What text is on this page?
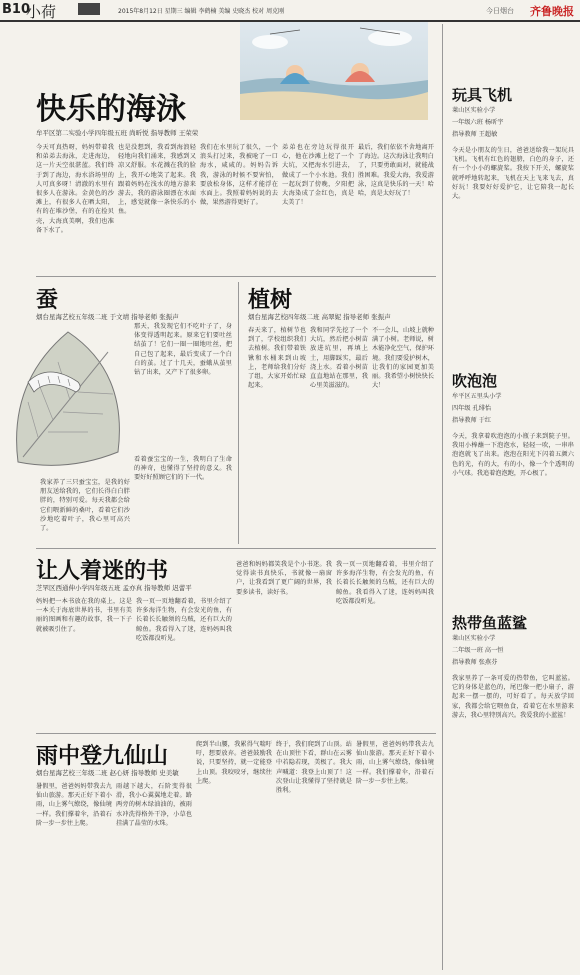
B10
小荷	2015年8月12日 星期三 编辑 李鹤楠 美编 史晓杰 校对 周克刚	今日烟台 齐鲁晚报
快乐的海泳
牟平区第二实验小学四年级五班 尚昕悦 指导教师 王荣荣
今天可真热呀，妈妈带着我和弟弟去海泳，走进海边，这一片天空很湛蓝。我们终于到了海边，海水浴场里的人可真多呀！清澈的水里有很多人在游泳。金黄色的沙滩上，有很多人在晒太阳，有的在堆沙堡，有的在捡贝壳，大海真美啊，我们也准备下水了。
也是没想到，我看到海浪轻轻地向我们涌来，我感到又凉又舒服。水花溅在我的脸上，我开心地笑了起来。我跟着妈妈在浅水的地方游来游去，我的游泳圈漂在水面上，感觉就像一条快乐的小鱼。
我们在水里玩了很久，一个浪头打过来，我被呛了一口海水，咸咸的。妈妈告诉我，游泳的时候不要害怕，要放松身体，这样才能浮在水面上。我照着妈妈说的去做，果然游得更好了。
弟弟也在旁边玩得很开心，他在沙滩上挖了一个大坑，又把海水引进去，做成了一个小水池。我们一起玩到了傍晚，夕阳把大海染成了金红色，真是太美了！
最后，我们依依不舍地离开了海边。这次海泳让我明白了，只要勇敢面对，就能战胜困难。我爱大海，我爱游泳，这真是快乐的一天！哈哈，真是太好玩了！
蚕
烟台星海艺校五年级二班 于文靖 指导老师 张振声
我家养了三只蚕宝宝，是我的好朋友送给我的，它们长得白白胖胖的，特别可爱。每天我都会给它们喂新鲜的桑叶，看着它们沙沙地吃着叶子，我心里可高兴了。
那天，我发现它们不吃叶子了，身体变得透明起来。原来它们要吐丝结茧了！它们一圈一圈地吐丝，把自己包了起来，最后变成了一个白白的茧。过了十几天，蚕蛾从茧里钻了出来，又产下了很多卵。
看着蚕宝宝的一生，我明白了生命的神奇，也懂得了坚持的意义。我要好好照顾它们的下一代。
植树
烟台星海艺校四年级二班 高翠妮 指导老师 张振声
春天来了，植树节也到了，学校组织我们去植树。我们带着铁锹和水桶来到山坡上，老师给我们分好了组，大家开始忙碌起来。
我和同学先挖了一个大坑，然后把小树苗放进坑里，再填上土，用脚踩实，最后浇上水。看着小树苗直直地站在那里，我心里美滋滋的。
不一会儿，山坡上就种满了小树。老师说，树木能净化空气，保护环境。我们要爱护树木，让我们的家园更加美丽。我希望小树快快长大！
让人着迷的书
芝罘区西通伸小学四年级五班 孟亦真 指导教师 迟蕾平
妈妈把一本书放在我的桌上，这是一本关于海底世界的书，书里有美丽的图画和有趣的故事，我一下子就被吸引住了。
我一页一页地翻看着，书里介绍了许多海洋生物，有会发光的鱼，有长着长长触须的乌贼，还有巨大的鲸鱼。我看得入了迷，连妈妈叫我吃饭都没听见。
爸爸和妈妈都笑我是个小书迷。我觉得读书真快乐，书就像一扇窗户，让我看到了更广阔的世界，我要多读书，读好书。
我一页一页地翻看着，书里介绍了许多海洋生物，有会发光的鱼，有长着长长触须的乌贼，还有巨大的鲸鱼。我看得入了迷，连妈妈叫我吃饭都没听见。
雨中登九仙山
烟台星海艺校三年级二班 赵心妍 指导教师 史美敏
暑假里，爸爸妈妈带我去九仙山旅游。那天正好下着小雨，山上雾气缭绕，像仙境一样。我们撑着伞，沿着石阶一步一步往上爬。
雨越下越大，石阶变得很滑，我小心翼翼地走着。路两旁的树木绿油油的，被雨水冲洗得格外干净，小草也挂满了晶莹的水珠。
爬到半山腰，我累得气喘吁吁，想要放弃。爸爸鼓励我说，只要坚持，就一定能登上山顶。我咬咬牙，继续往上爬。
终于，我们爬到了山顶。站在山顶往下看，群山在云雾中若隐若现，美极了。我大声喊道：我登上山顶了！这次登山让我懂得了坚持就是胜利。
暑假里，爸爸妈妈带我去九仙山旅游。那天正好下着小雨，山上雾气缭绕，像仙境一样。我们撑着伞，沿着石阶一步一步往上爬。
玩具飞机
莱山区实验小学
一年级六班 杨昕宇
指导教师 王超敏
今天是小朋友的生日，爸爸送给我一架玩具飞机。飞机有红色的翅膀，白色的身子，还有一个小小的螺旋桨。我按下开关，螺旋桨就呼呼地转起来，飞机在天上飞来飞去，真好玩！我要好好爱护它，让它陪我一起长大。
吹泡泡
牟平区五里头小学
四年级 孔绯怡
指导教师 于红
今天，我拿着吹泡泡的小瓶子来到院子里。我用小棒蘸一下泡泡水，轻轻一吹，一串串泡泡就飞了出来。泡泡在阳光下闪着五颜六色的光，有的大，有的小，像一个个透明的小气球。我追着泡泡跑，开心极了。
热带鱼蓝鲨
莱山区实验小学
二年级一班 高一恒
指导教师 张燕芬
我家里养了一条可爱的热带鱼，它叫蓝鲨。它的身体是蓝色的，尾巴像一把小扇子，游起来一摆一摆的，可好看了。每天放学回家，我都会给它喂鱼食，看着它在水里游来游去，我心里特别高兴。我爱我的小蓝鲨！
